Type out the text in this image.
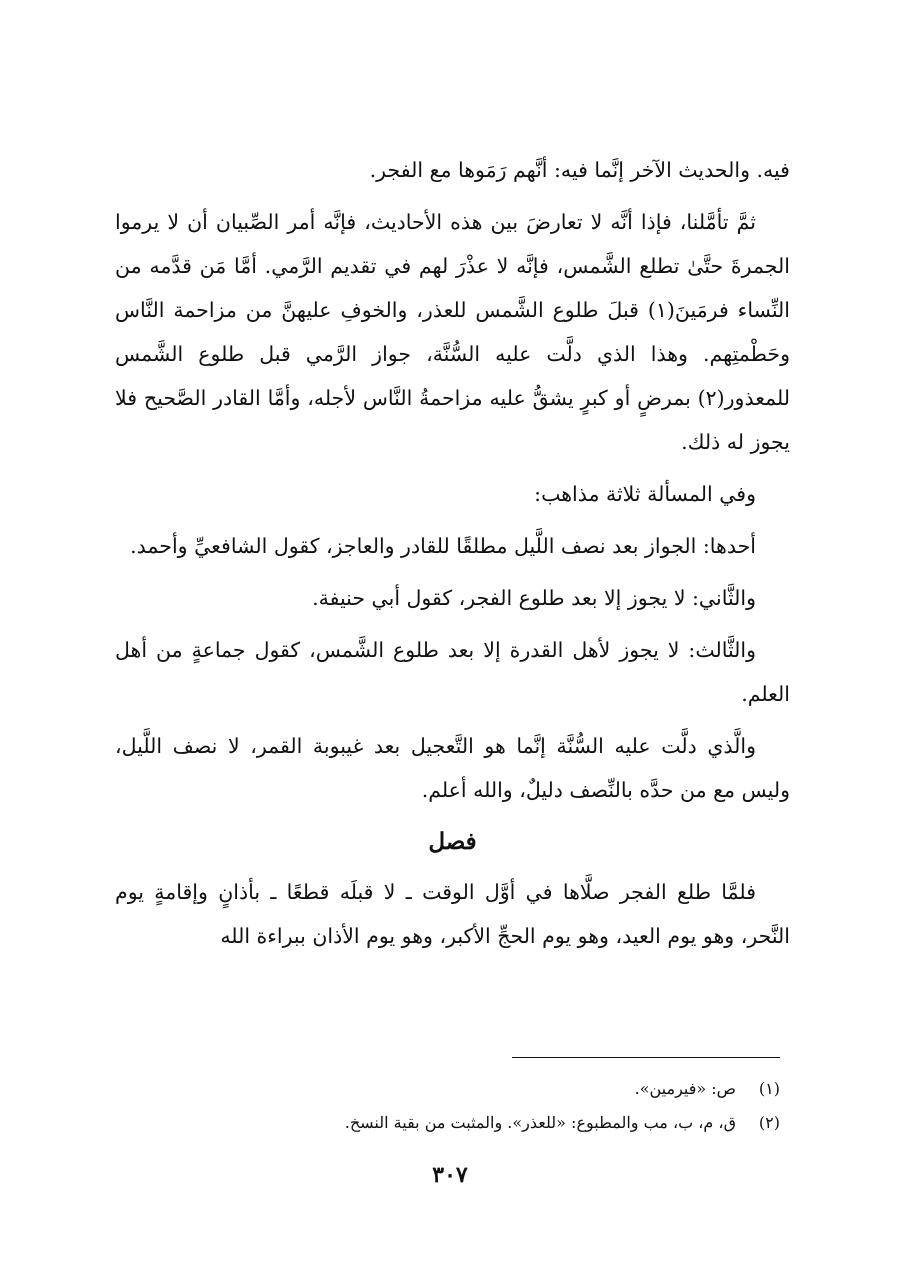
فيه. والحديث الآخر إنَّما فيه: أنَّهم رَمَوها مع الفجر.

ثمَّ تأمَّلنا، فإذا أنَّه لا تعارضَ بين هذه الأحاديث، فإنَّه أمر الصِّبيان أن لا يرموا الجمرةَ حتَّىٰ تطلع الشَّمس، فإنَّه لا عذْرَ لهم في تقديم الرَّمي. أمَّا مَن قدَّمه من النِّساء فرمَينَ(١) قبلَ طلوع الشَّمس للعذر، والخوفِ عليهنَّ من مزاحمة النَّاس وحَطْمتِهم. وهذا الذي دلَّت عليه السُّنَّة، جواز الرَّمي قبل طلوع الشَّمس للمعذور(٢) بمرضٍ أو كبرٍ يشقُّ عليه مزاحمةُ النَّاس لأجله، وأمَّا القادر الصَّحيح فلا يجوز له ذلك.

وفي المسألة ثلاثة مذاهب:

أحدها: الجواز بعد نصف اللَّيل مطلقًا للقادر والعاجز، كقول الشافعيِّ وأحمد.

والثَّاني: لا يجوز إلا بعد طلوع الفجر، كقول أبي حنيفة.

والثَّالث: لا يجوز لأهل القدرة إلا بعد طلوع الشَّمس، كقول جماعةٍ من أهل العلم.

والَّذي دلَّت عليه السُّنَّة إنَّما هو التَّعجيل بعد غيبوبة القمر، لا نصف اللَّيل، وليس مع من حدَّه بالنِّصف دليلٌ، والله أعلم.

فصل

فلمَّا طلع الفجر صلَّاها في أوَّل الوقت ـ لا قبلَه قطعًا ـ بأذانٍ وإقامةٍ يوم النَّحر، وهو يوم العيد، وهو يوم الحجِّ الأكبر، وهو يوم الأذان ببراءة الله

(١)
ص: «فيرمين».
(٢)
ق، م، ب، مب والمطبوع: «للعذر». والمثبت من بقية النسخ.
٣٠٧
